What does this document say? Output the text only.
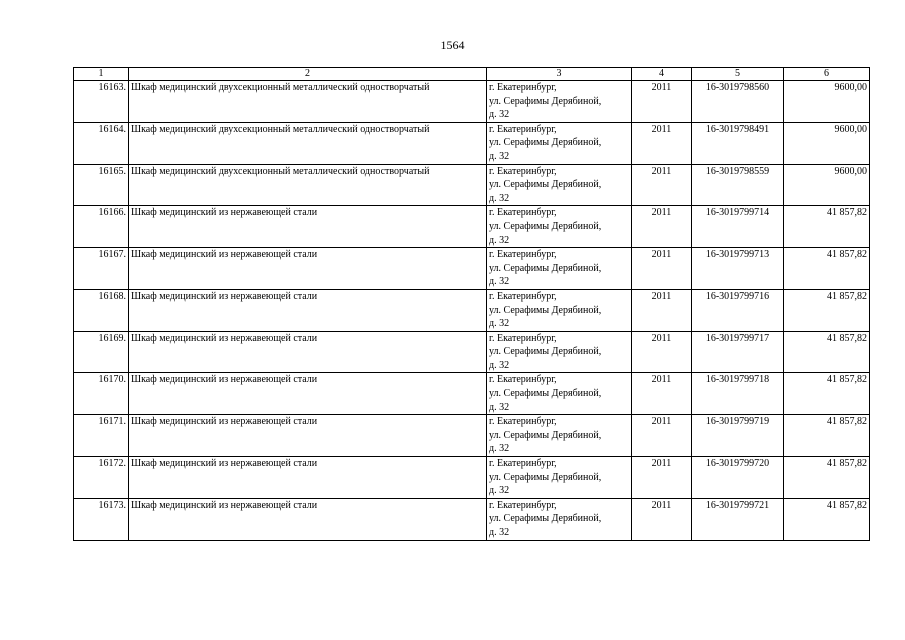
1564
1	2	3	4	5	6
16163.	Шкаф медицинский двухсекционный металлический одностворчатый	г. Екатеринбург,
ул. Серафимы Дерябиной,
д. 32	2011	16-3019798560	9600,00
16164.	Шкаф медицинский двухсекционный металлический одностворчатый	г. Екатеринбург,
ул. Серафимы Дерябиной,
д. 32	2011	16-3019798491	9600,00
16165.	Шкаф медицинский двухсекционный металлический одностворчатый	г. Екатеринбург,
ул. Серафимы Дерябиной,
д. 32	2011	16-3019798559	9600,00
16166.	Шкаф медицинский из нержавеющей стали	г. Екатеринбург,
ул. Серафимы Дерябиной,
д. 32	2011	16-3019799714	41 857,82
16167.	Шкаф медицинский из нержавеющей стали	г. Екатеринбург,
ул. Серафимы Дерябиной,
д. 32	2011	16-3019799713	41 857,82
16168.	Шкаф медицинский из нержавеющей стали	г. Екатеринбург,
ул. Серафимы Дерябиной,
д. 32	2011	16-3019799716	41 857,82
16169.	Шкаф медицинский из нержавеющей стали	г. Екатеринбург,
ул. Серафимы Дерябиной,
д. 32	2011	16-3019799717	41 857,82
16170.	Шкаф медицинский из нержавеющей стали	г. Екатеринбург,
ул. Серафимы Дерябиной,
д. 32	2011	16-3019799718	41 857,82
16171.	Шкаф медицинский из нержавеющей стали	г. Екатеринбург,
ул. Серафимы Дерябиной,
д. 32	2011	16-3019799719	41 857,82
16172.	Шкаф медицинский из нержавеющей стали	г. Екатеринбург,
ул. Серафимы Дерябиной,
д. 32	2011	16-3019799720	41 857,82
16173.	Шкаф медицинский из нержавеющей стали	г. Екатеринбург,
ул. Серафимы Дерябиной,
д. 32	2011	16-3019799721	41 857,82
